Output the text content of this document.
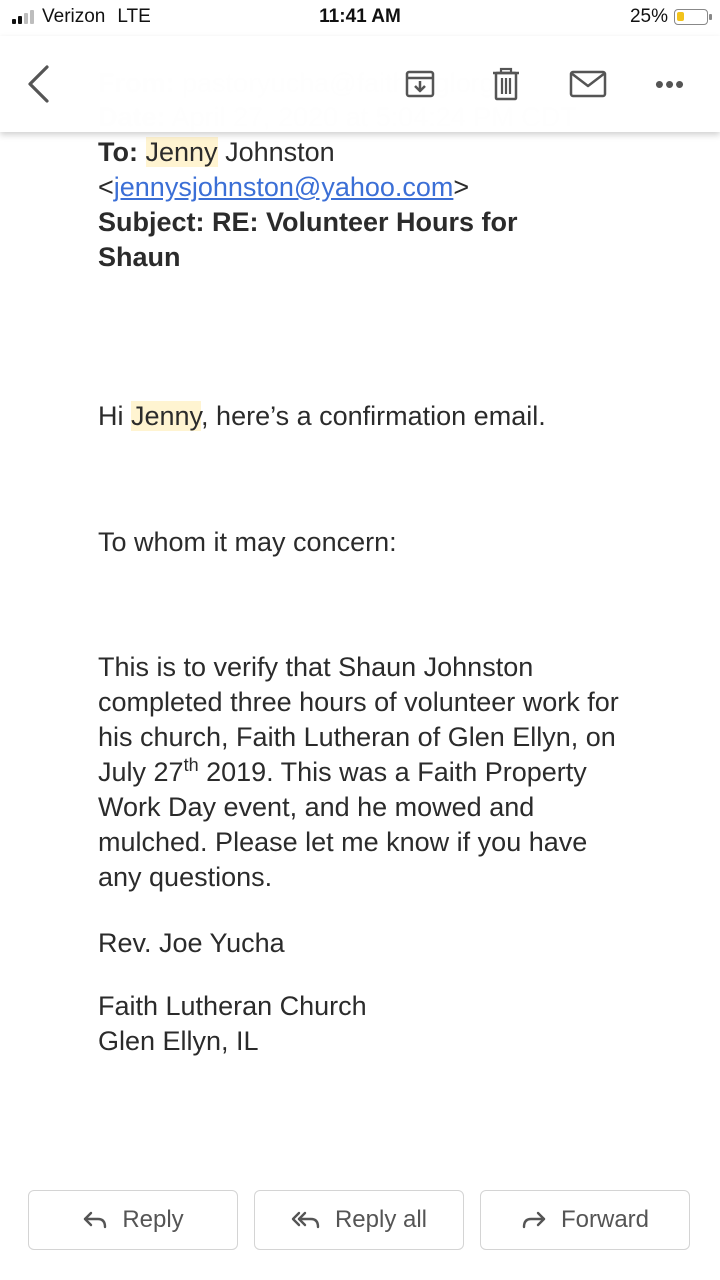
Verizon LTE	11:41 AM	25%
•••
To: Jenny Johnston
<jennysjohnston@yahoo.com>
Subject: RE: Volunteer Hours for Shaun
Hi Jenny, here’s a confirmation email.
To whom it may concern:
This is to verify that Shaun Johnston completed three hours of volunteer work for his church, Faith Lutheran of Glen Ellyn, on July 27th 2019. This was a Faith Property Work Day event, and he mowed and mulched. Please let me know if you have any questions.
Rev. Joe Yucha
Faith Lutheran Church
Glen Ellyn, IL
Reply	Reply all	Forward
